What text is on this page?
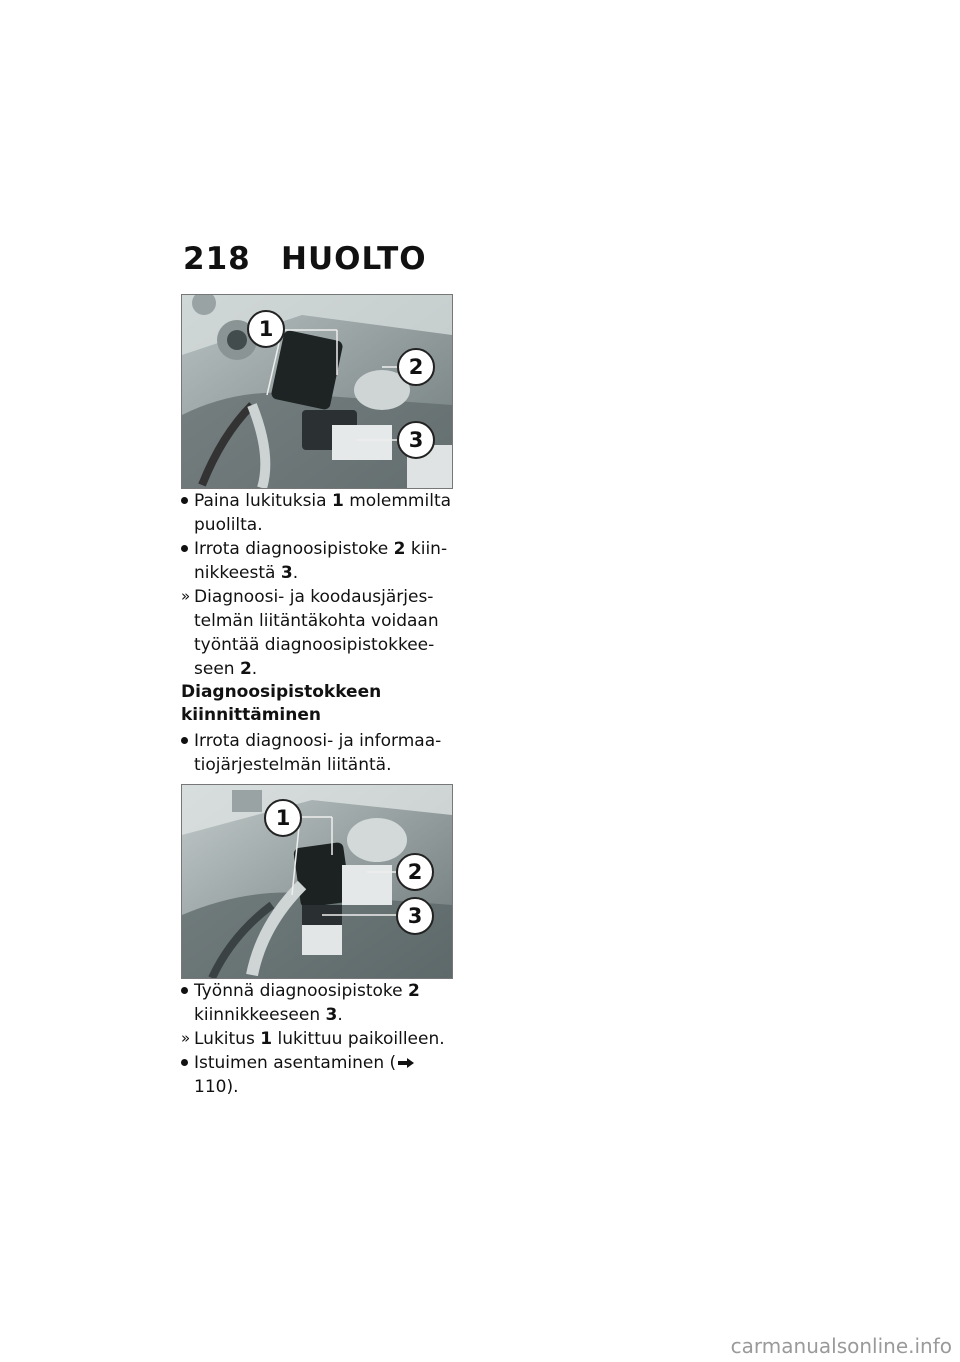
218 HUOLTO
1
2
3
Paina lukituksia 1 molemmilta puolilta.
Irrota diagnoosipistoke 2 kiin-nikkeestä 3.
» Diagnoosi- ja koodausjärjes-telmän liitäntäkohta voidaan työntää diagnoosipistokkee-seen 2.

Diagnoosipistokkeen kiinnittäminen

Irrota diagnoosi- ja informaa-tiojärjestelmän liitäntä.
1
2
3
Työnnä diagnoosipistoke 2 kiinnikkeeseen 3.
» Lukitus 1 lukittuu paikoilleen.
Istuimen asentaminen (110).
carmanualsonline.info
